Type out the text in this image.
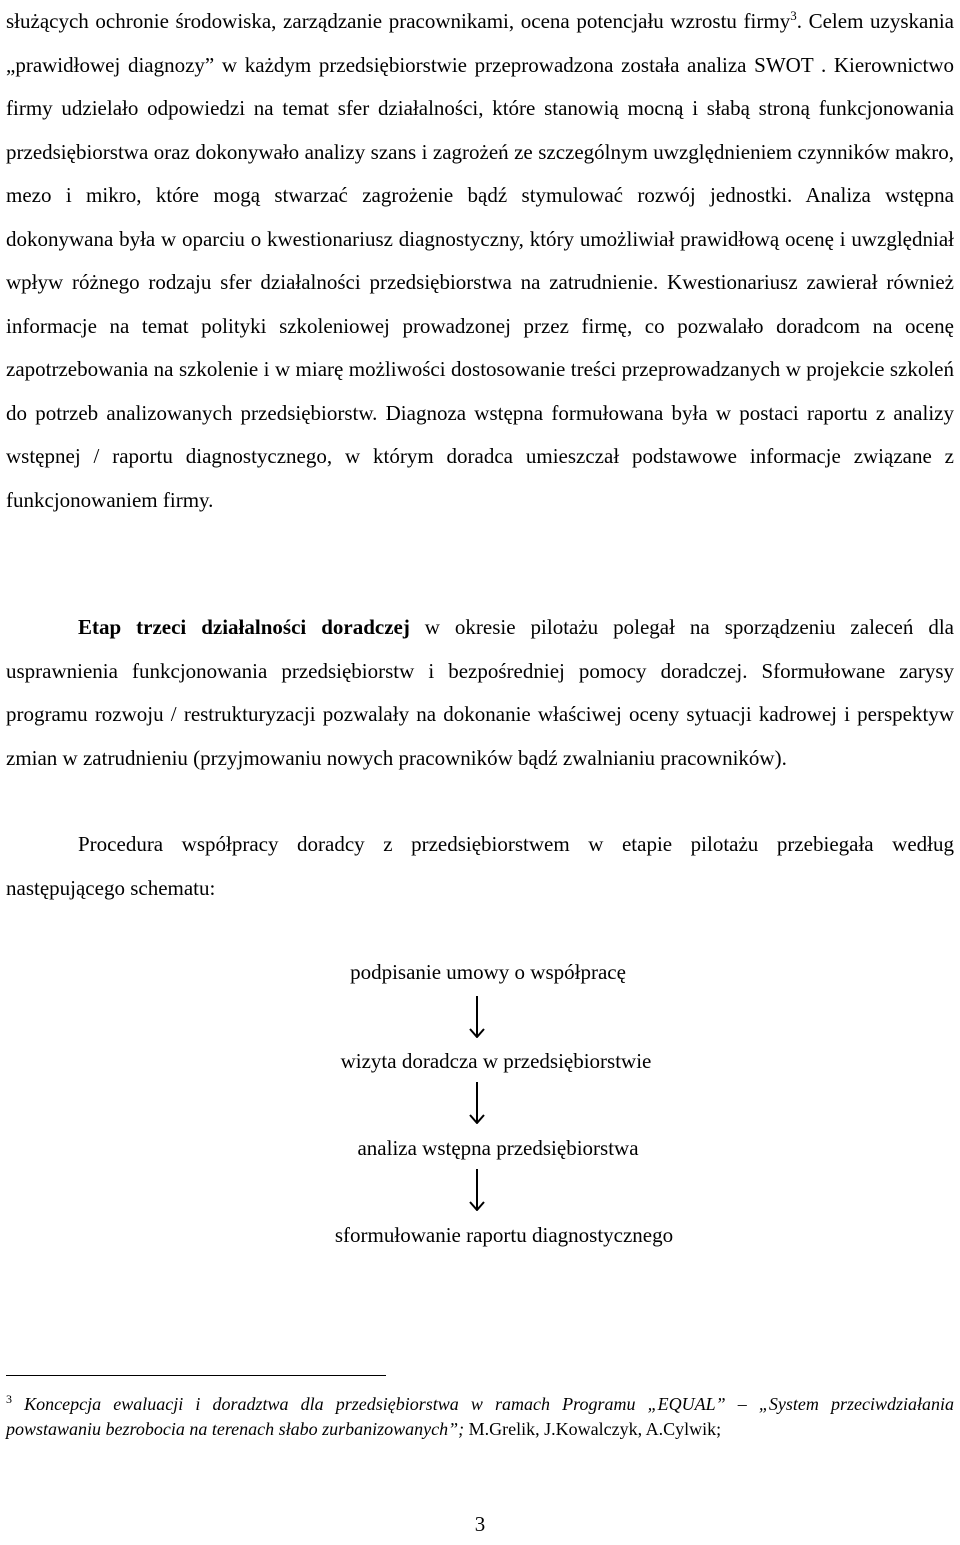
służących ochronie środowiska, zarządzanie pracownikami, ocena potencjału wzrostu firmy$^3$. Celem uzyskania „prawidłowej diagnozy” w każdym przedsiębiorstwie przeprowadzona została analiza SWOT . Kierownictwo firmy udzielało odpowiedzi na temat sfer działalności, które stanowią mocną i słabą stroną funkcjonowania przedsiębiorstwa oraz dokonywało analizy szans i zagrożeń ze szczególnym uwzględnieniem czynników makro, mezo i mikro, które mogą stwarzać zagrożenie bądź stymulować rozwój jednostki. Analiza wstępna dokonywana była w oparciu o kwestionariusz diagnostyczny, który umożliwiał prawidłową ocenę i uwzględniał wpływ różnego rodzaju sfer działalności przedsiębiorstwa na zatrudnienie. Kwestionariusz zawierał również informacje na temat polityki szkoleniowej prowadzonej przez firmę, co pozwalało doradcom na ocenę zapotrzebowania na szkolenie i w miarę możliwości dostosowanie treści przeprowadzanych w projekcie szkoleń do potrzeb analizowanych przedsiębiorstw. Diagnoza wstępna formułowana była w postaci raportu z analizy wstępnej / raportu diagnostycznego, w którym doradca umieszczał podstawowe informacje związane z funkcjonowaniem firmy.

Etap trzeci działalności doradczej w okresie pilotażu polegał na sporządzeniu zaleceń dla usprawnienia funkcjonowania przedsiębiorstw i bezpośredniej pomocy doradczej. Sformułowane zarysy programu rozwoju / restrukturyzacji pozwalały na dokonanie właściwej oceny sytuacji kadrowej i perspektyw zmian w zatrudnieniu (przyjmowaniu nowych pracowników bądź zwalnianiu pracowników).

Procedura współpracy doradcy z przedsiębiorstwem w etapie pilotażu przebiegała według następującego schematu:

podpisanie umowy o współpracę

wizyta doradcza w przedsiębiorstwie

analiza wstępna przedsiębiorstwa

sformułowanie raportu diagnostycznego

$^3$ Koncepcja ewaluacji i doradztwa dla przedsiębiorstwa w ramach Programu „EQUAL” – „System przeciwdziałania powstawaniu bezrobocia na terenach słabo zurbanizowanych”; M.Grelik, J.Kowalczyk, A.Cylwik;

3
